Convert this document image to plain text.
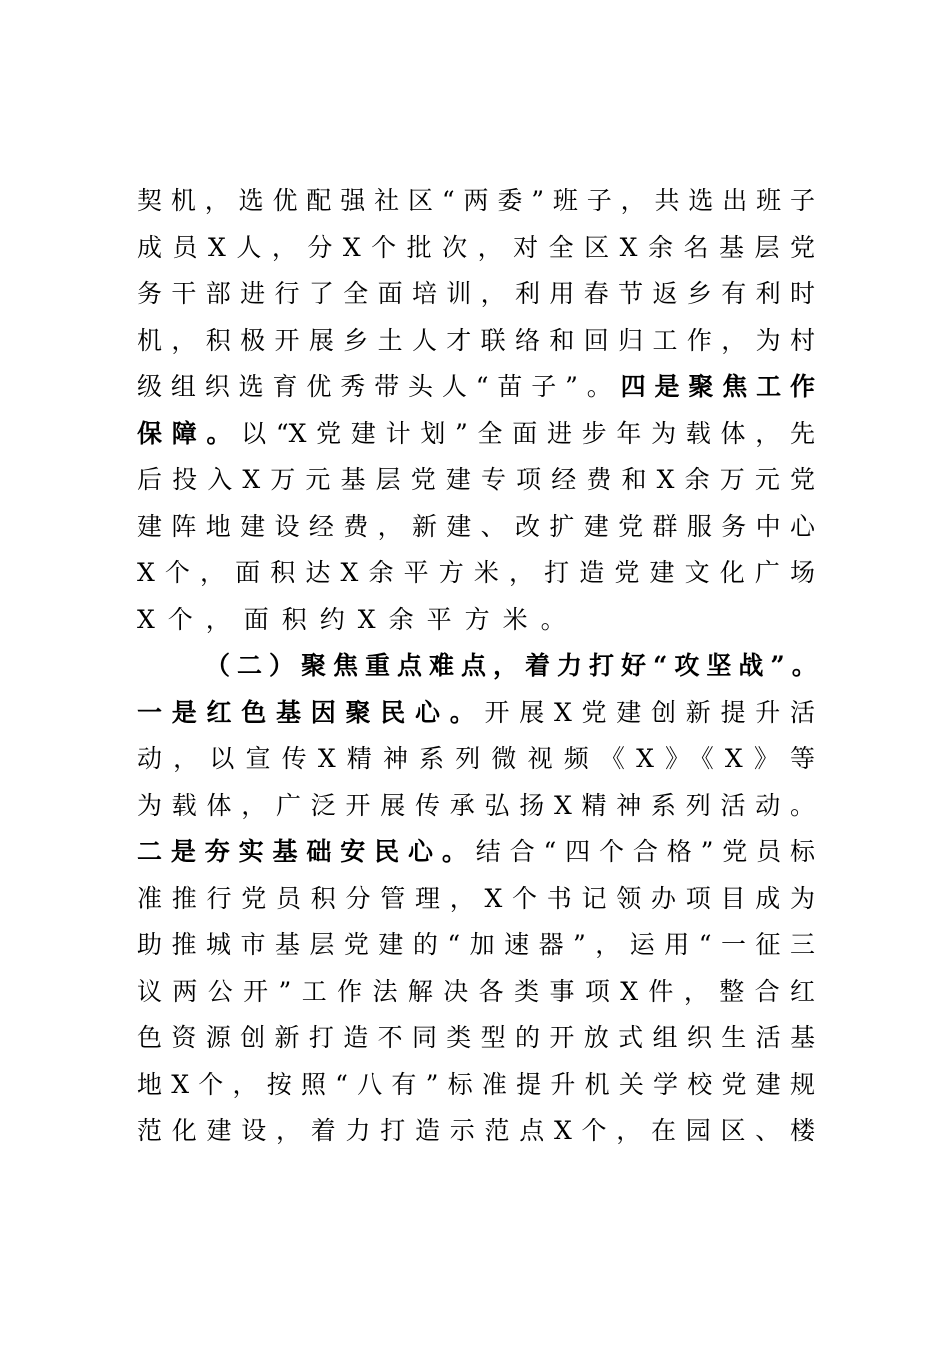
契机，选优配强社区“两委”班子，共选出班子
成员X人，分X个批次，对全区X余名基层党
务干部进行了全面培训，利用春节返乡有利时
机，积极开展乡土人才联络和回归工作，为村
级组织选育优秀带头人“苗子”。四是聚焦工作
保障。以“X党建计划”全面进步年为载体，先
后投入X万元基层党建专项经费和X余万元党
建阵地建设经费，新建、改扩建党群服务中心
X个，面积达X余平方米，打造党建文化广场
X个，面积约X余平方米。
（二）聚焦重点难点，着力打好“攻坚战”。
一是红色基因聚民心。开展X党建创新提升活
动，以宣传X精神系列微视频《X》《X》等
为载体，广泛开展传承弘扬X精神系列活动。
二是夯实基础安民心。结合“四个合格”党员标
准推行党员积分管理，X个书记领办项目成为
助推城市基层党建的“加速器”，运用“一征三
议两公开”工作法解决各类事项X件，整合红
色资源创新打造不同类型的开放式组织生活基
地X个，按照“八有”标准提升机关学校党建规
范化建设，着力打造示范点X个，在园区、楼
